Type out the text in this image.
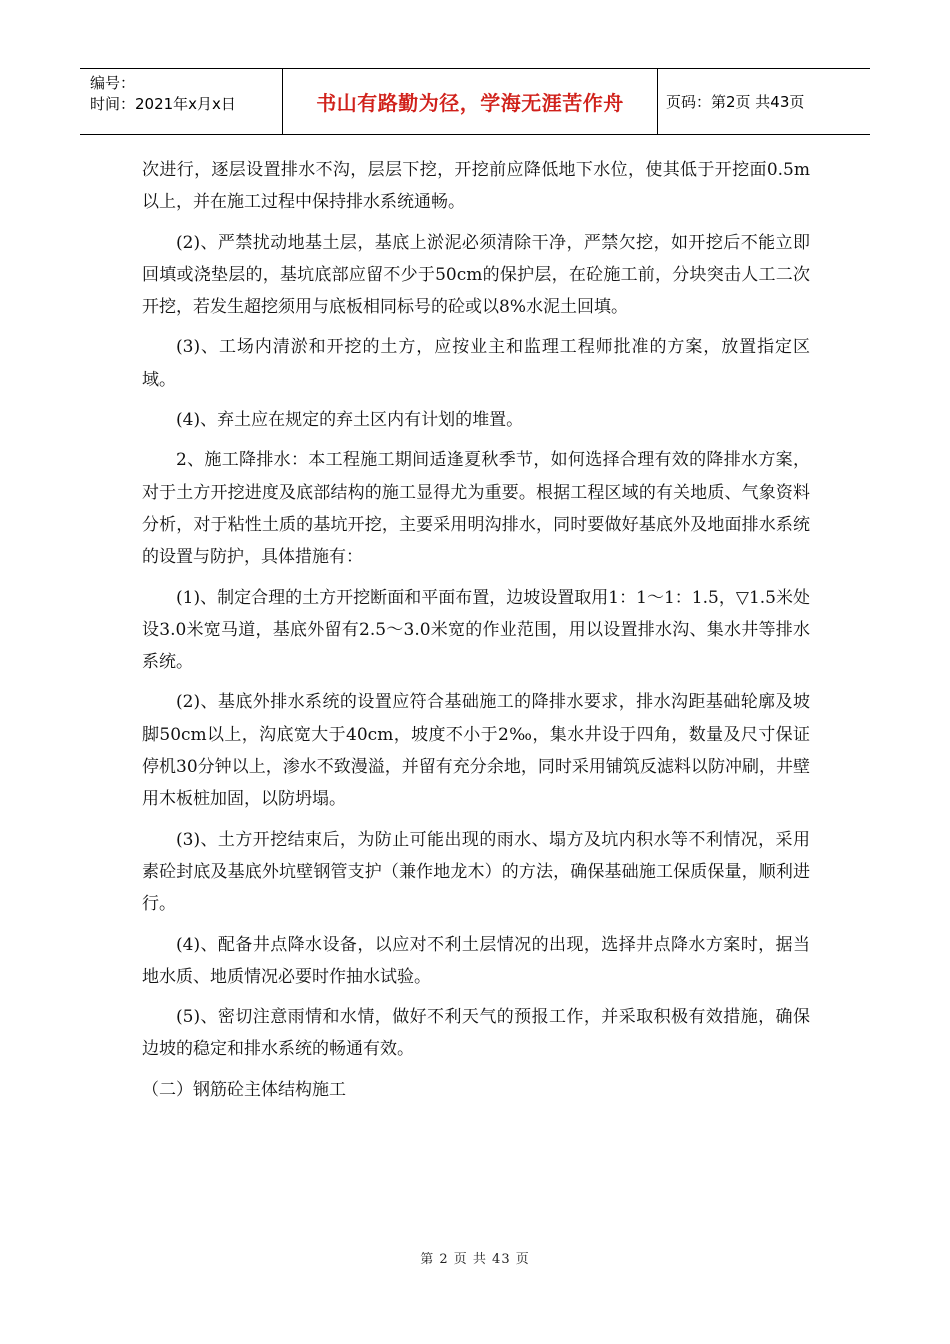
编号：
时间：2021年x月x日	书山有路勤为径，学海无涯苦作舟	页码：第2页 共43页

次进行，逐层设置排水不沟，层层下挖，开挖前应降低地下水位，使其低于开挖面0.5m以上，并在施工过程中保持排水系统通畅。

(2)、严禁扰动地基土层，基底上淤泥必须清除干净，严禁欠挖，如开挖后不能立即回填或浇垫层的，基坑底部应留不少于50cm的保护层，在砼施工前，分块突击人工二次开挖，若发生超挖须用与底板相同标号的砼或以8%水泥土回填。

(3)、工场内清淤和开挖的土方，应按业主和监理工程师批准的方案，放置指定区域。

(4)、弃土应在规定的弃土区内有计划的堆置。

2、施工降排水：本工程施工期间适逢夏秋季节，如何选择合理有效的降排水方案，对于土方开挖进度及底部结构的施工显得尤为重要。根据工程区域的有关地质、气象资料分析，对于粘性土质的基坑开挖，主要采用明沟排水，同时要做好基底外及地面排水系统的设置与防护，具体措施有：

(1)、制定合理的土方开挖断面和平面布置，边坡设置取用1：1～1：1.5，▽1.5米处设3.0米宽马道，基底外留有2.5～3.0米宽的作业范围，用以设置排水沟、集水井等排水系统。

(2)、基底外排水系统的设置应符合基础施工的降排水要求，排水沟距基础轮廓及坡脚50cm以上，沟底宽大于40cm，坡度不小于2‰，集水井设于四角，数量及尺寸保证停机30分钟以上，渗水不致漫溢，并留有充分余地，同时采用铺筑反滤料以防冲刷，井壁用木板桩加固，以防坍塌。

(3)、土方开挖结束后，为防止可能出现的雨水、塌方及坑内积水等不利情况，采用素砼封底及基底外坑壁钢管支护（兼作地龙木）的方法，确保基础施工保质保量，顺利进行。

(4)、配备井点降水设备，以应对不利土层情况的出现，选择井点降水方案时，据当地水质、地质情况必要时作抽水试验。

(5)、密切注意雨情和水情，做好不利天气的预报工作，并采取积极有效措施，确保边坡的稳定和排水系统的畅通有效。

（二）钢筋砼主体结构施工

第 2 页 共 43 页
